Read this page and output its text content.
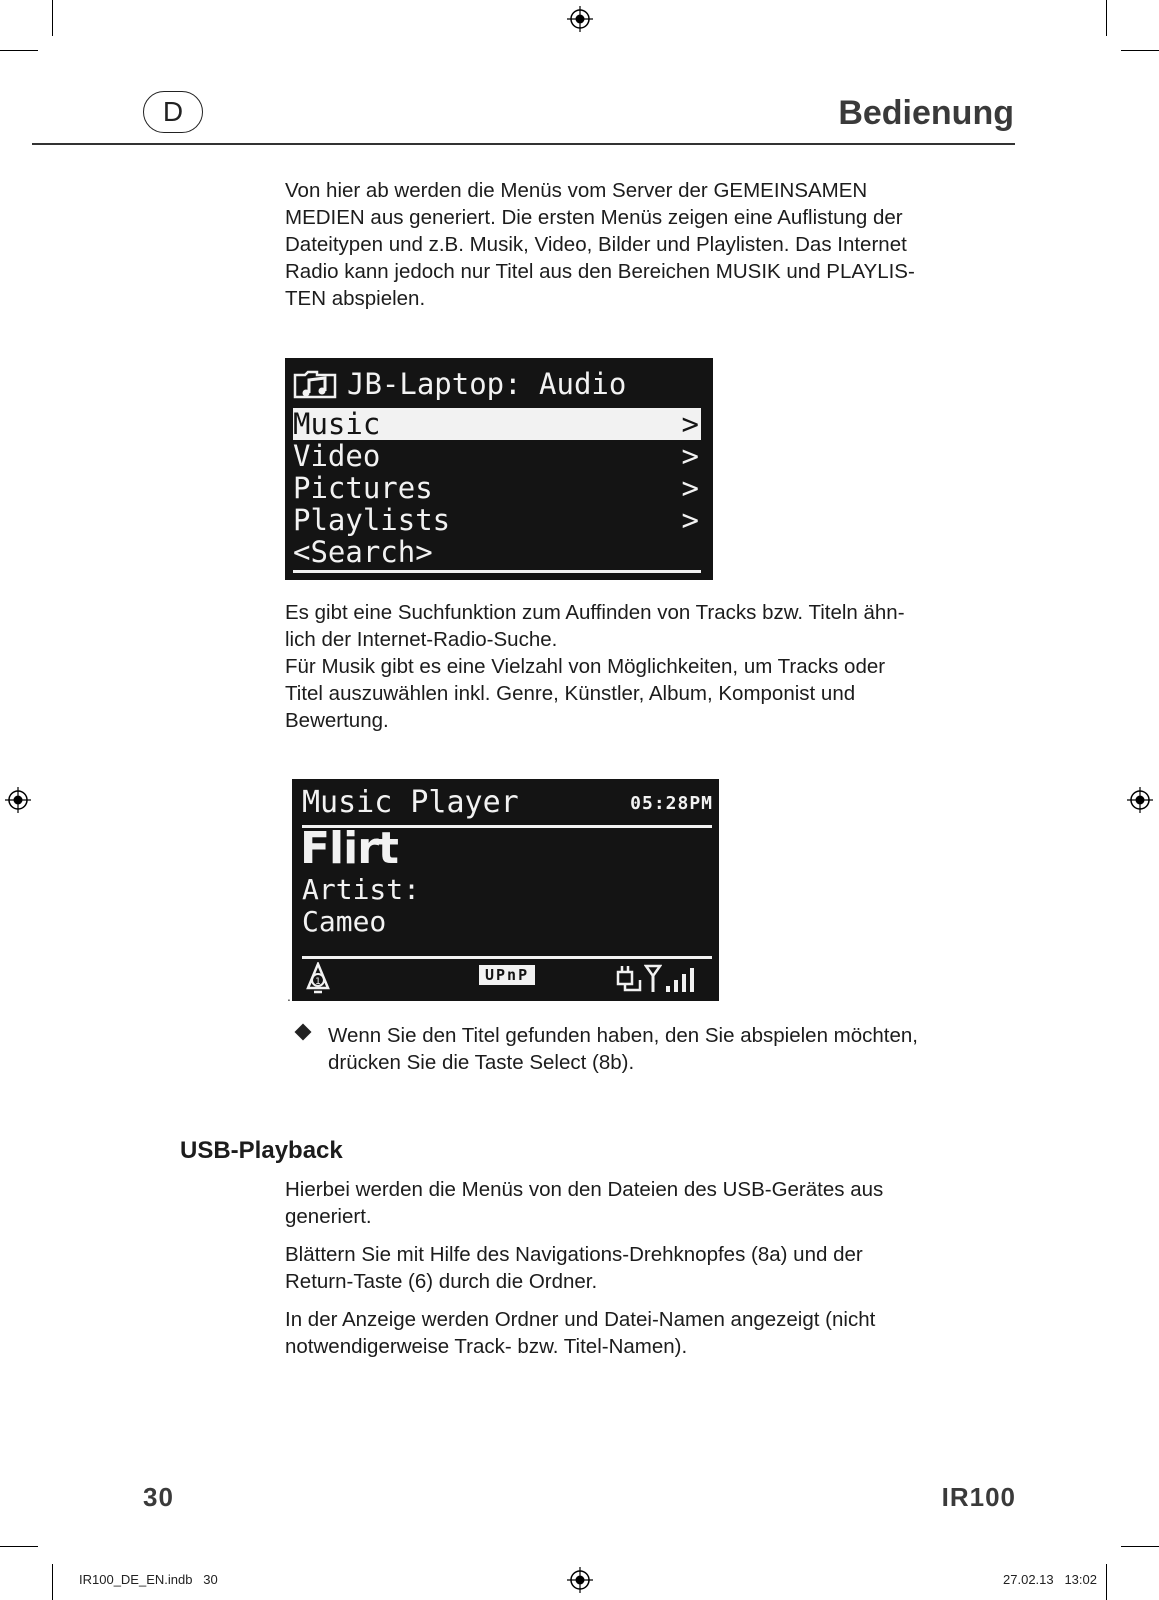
D	Bedienung
Von hier ab werden die Menüs vom Server der GEMEINSAMEN
MEDIEN aus generiert. Die ersten Menüs zeigen eine Auflistung der
Dateitypen und z.B. Musik, Video, Bilder und Playlisten. Das Internet
Radio kann jedoch nur Titel aus den Bereichen MUSIK und PLAYLIS-
TEN abspielen.
JB-Laptop: Audio
Music	>
Video	>
Pictures	>
Playlists	>
<Search>
Es gibt eine Suchfunktion zum Auffinden von Tracks bzw. Titeln ähn-
lich der Internet-Radio-Suche.
Für Musik gibt es eine Vielzahl von Möglichkeiten, um Tracks oder
Titel auszuwählen inkl. Genre, Künstler, Album, Komponist und
Bewertung.
Music Player	05:28PM
Flirt
Artist:
Cameo
1	UPnP
.
Wenn Sie den Titel gefunden haben, den Sie abspielen möchten,
drücken Sie die Taste Select (8b).
USB-Playback
Hierbei werden die Menüs von den Dateien des USB-Gerätes aus
generiert.
Blättern Sie mit Hilfe des Navigations-Drehknopfes (8a) und der
Return-Taste (6) durch die Ordner.
In der Anzeige werden Ordner und Datei-Namen angezeigt (nicht
notwendigerweise Track- bzw. Titel-Namen).
30	IR100
IR100_DE_EN.indb   30	27.02.13   13:02
